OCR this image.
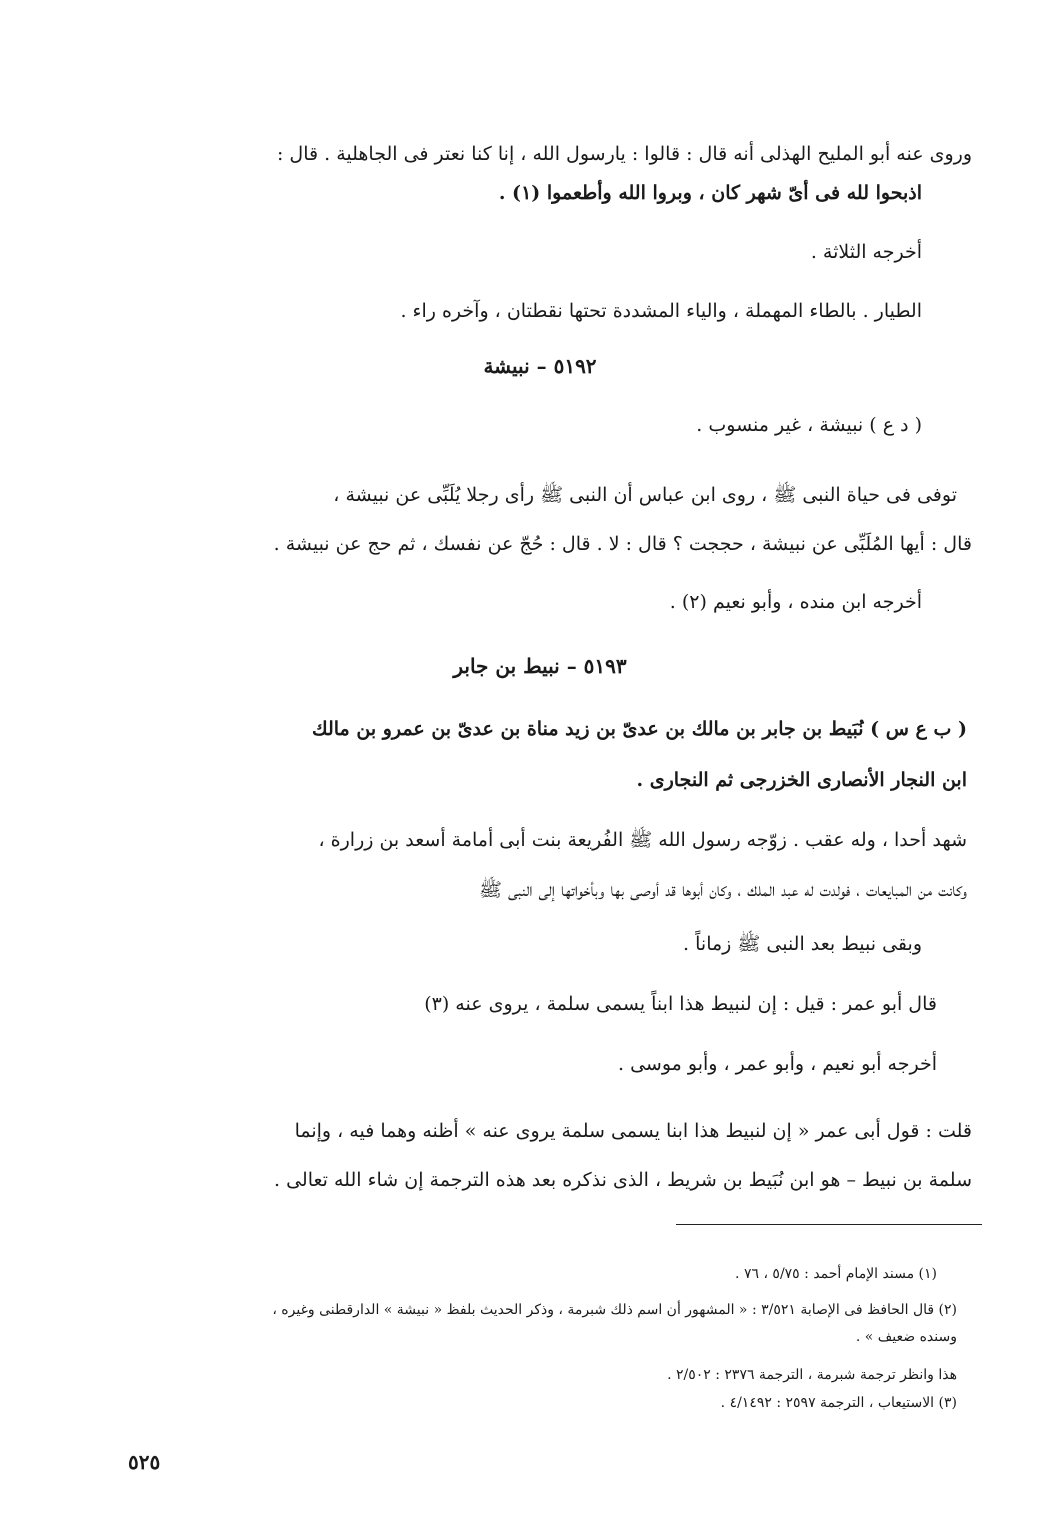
وروى عنه أبو المليح الهذلى أنه قال : قالوا : يارسول الله ، إنا كنا نعتر فى الجاهلية . قال :
اذبحوا لله فى أىّ شهر كان ، وبروا الله وأطعموا (١) .
أخرجه الثلاثة .
الطيار . بالطاء المهملة ، والياء المشددة تحتها نقطتان ، وآخره راء .
٥١٩٢ – نبيشة
( د ع ) نبيشة ، غير منسوب .
توفى فى حياة النبى ﷺ ، روى ابن عباس أن النبى ﷺ رأى رجلا يُلَبِّى عن نبيشة ،
قال : أيها المُلَبِّى عن نبيشة ، حججت ؟ قال : لا . قال : حُجّ عن نفسك ، ثم حج عن نبيشة .
أخرجه ابن منده ، وأبو نعيم (٢) .
٥١٩٣ – نبيط بن جابر
( ب ع س ) نُبَيط بن جابر بن مالك بن عدىّ بن زيد مناة بن عدىّ بن عمرو بن مالك
ابن النجار الأنصارى الخزرجى ثم النجارى .
شهد أحدا ، وله عقب . زوّجه رسول الله ﷺ الفُريعة بنت أبى أمامة أسعد بن زرارة ،
وكانت من المبايعات ، فولدت له عبد الملك ، وكان أبوها قد أوصى بها وبأخواتها إلى النبى ﷺ
وبقى نبيط بعد النبى ﷺ زماناً .
قال أبو عمر : قيل : إن لنبيط هذا ابناً يسمى سلمة ، يروى عنه (٣)
أخرجه أبو نعيم ، وأبو عمر ، وأبو موسى .
قلت : قول أبى عمر « إن لنبيط هذا ابنا يسمى سلمة يروى عنه » أظنه وهما فيه ، وإنما
سلمة بن نبيط – هو ابن نُبَيط بن شريط ، الذى نذكره بعد هذه الترجمة إن شاء الله تعالى .
(١) مسند الإمام أحمد : ٥/٧٥ ، ٧٦ .
(٢) قال الحافظ فى الإصابة ٣/٥٢١ : « المشهور أن اسم ذلك شبرمة ، وذكر الحديث بلفظ « نبيشة » الدارقطنى وغيره ،
وسنده ضعيف » .
هذا وانظر ترجمة شبرمة ، الترجمة ٢٣٧٦ : ٢/٥٠٢ .
(٣) الاستيعاب ، الترجمة ٢٥٩٧ : ٤/١٤٩٢ .
٥٢٥
